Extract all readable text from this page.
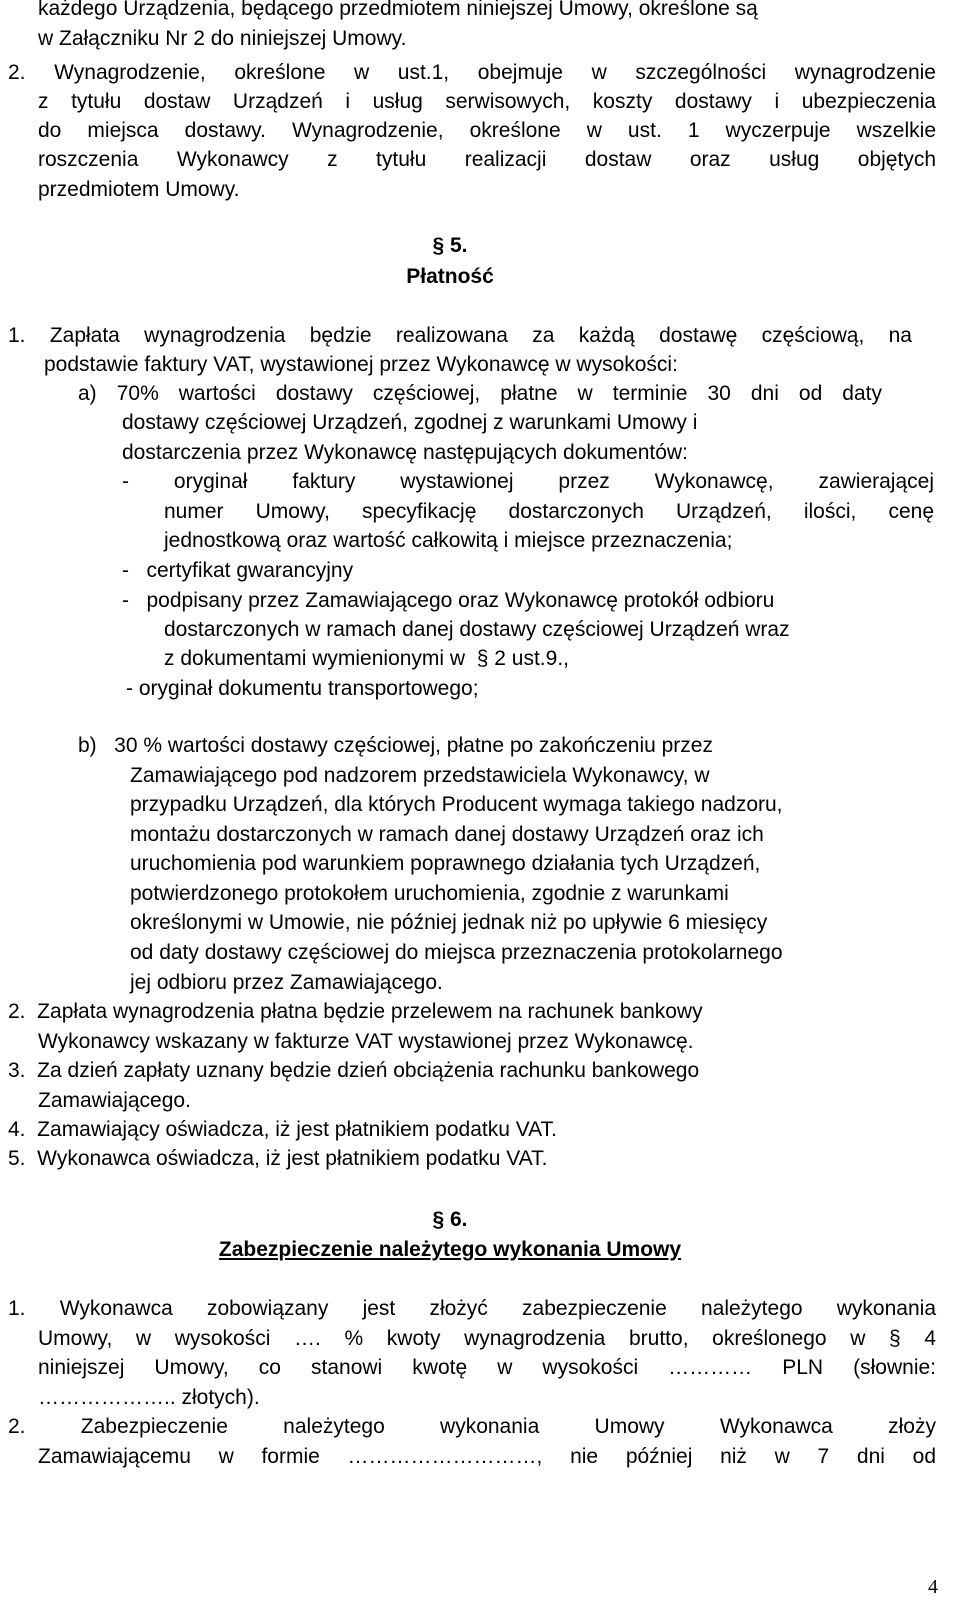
każdego Urządzenia, będącego przedmiotem niniejszej Umowy, określone są
w Załączniku Nr 2 do niniejszej Umowy.
2. Wynagrodzenie, określone w ust.1, obejmuje w szczególności wynagrodzenie
z tytułu dostaw Urządzeń i usług serwisowych, koszty dostawy i ubezpieczenia
do miejsca dostawy. Wynagrodzenie, określone w ust. 1 wyczerpuje wszelkie
roszczenia Wykonawcy z tytułu realizacji dostaw oraz usług objętych
przedmiotem Umowy.
§ 5.
Płatność
1. Zapłata wynagrodzenia będzie realizowana za każdą dostawę częściową, na
podstawie faktury VAT, wystawionej przez Wykonawcę w wysokości:
a) 70% wartości dostawy częściowej, płatne w terminie 30 dni od daty
dostawy częściowej Urządzeń, zgodnej z warunkami Umowy i
dostarczenia przez Wykonawcę następujących dokumentów:
- oryginał faktury wystawionej przez Wykonawcę, zawierającej
numer Umowy, specyfikację dostarczonych Urządzeń, ilości, cenę
jednostkową oraz wartość całkowitą i miejsce przeznaczenia;
-   certyfikat gwarancyjny
-   podpisany przez Zamawiającego oraz Wykonawcę protokół odbioru
dostarczonych w ramach danej dostawy częściowej Urządzeń wraz
z dokumentami wymienionymi w  § 2 ust.9.,
- oryginał dokumentu transportowego;
b)   30 % wartości dostawy częściowej, płatne po zakończeniu przez
Zamawiającego pod nadzorem przedstawiciela Wykonawcy, w
przypadku Urządzeń, dla których Producent wymaga takiego nadzoru,
montażu dostarczonych w ramach danej dostawy Urządzeń oraz ich
uruchomienia pod warunkiem poprawnego działania tych Urządzeń,
potwierdzonego protokołem uruchomienia, zgodnie z warunkami
określonymi w Umowie, nie później jednak niż po upływie 6 miesięcy
od daty dostawy częściowej do miejsca przeznaczenia protokolarnego
jej odbioru przez Zamawiającego.
2.  Zapłata wynagrodzenia płatna będzie przelewem na rachunek bankowy
Wykonawcy wskazany w fakturze VAT wystawionej przez Wykonawcę.
3.  Za dzień zapłaty uznany będzie dzień obciążenia rachunku bankowego
Zamawiającego.
4.  Zamawiający oświadcza, iż jest płatnikiem podatku VAT.
5.  Wykonawca oświadcza, iż jest płatnikiem podatku VAT.
§ 6.
Zabezpieczenie należytego wykonania Umowy
1. Wykonawca zobowiązany jest złożyć zabezpieczenie należytego wykonania
Umowy, w wysokości …. % kwoty wynagrodzenia brutto, określonego w § 4
niniejszej Umowy, co stanowi kwotę w wysokości ………… PLN (słownie:
……………….. złotych).
2. Zabezpieczenie należytego wykonania Umowy Wykonawca złoży
Zamawiającemu w formie ………………………, nie później niż w 7 dni od
4
